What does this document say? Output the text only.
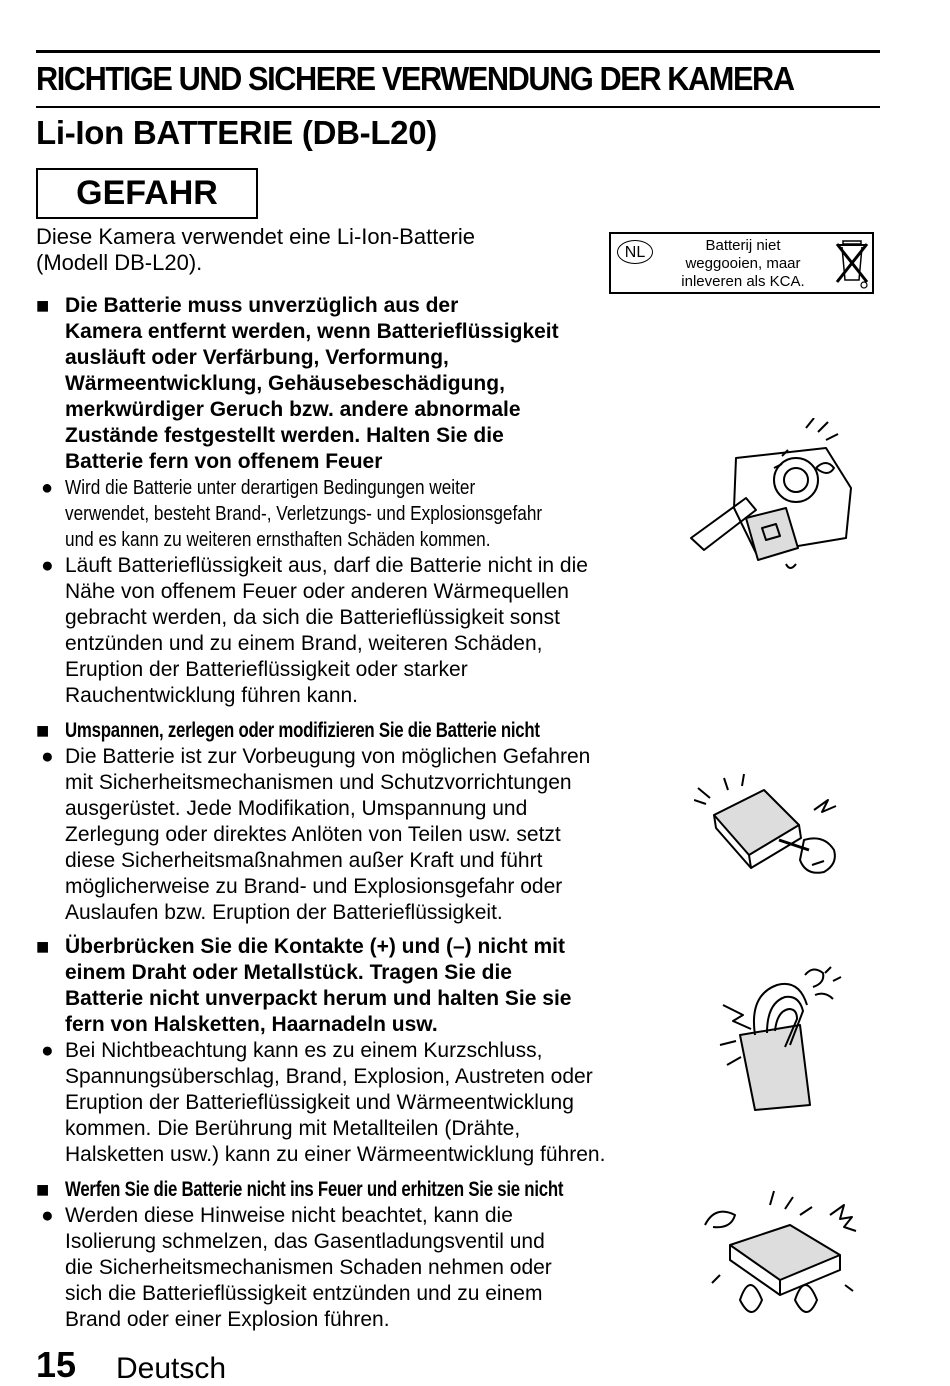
RICHTIGE UND SICHERE VERWENDUNG DER KAMERA
Li-Ion BATTERIE (DB-L20)
GEFAHR
Diese Kamera verwendet eine Li-Ion-Batterie
(Modell DB-L20).	NL	Batterij niet
weggooien, maar
inleveren als KCA.
■ Die Batterie muss unverzüglich aus der
Kamera entfernt werden, wenn Batterieflüssigkeit
ausläuft oder Verfärbung, Verformung,
Wärmeentwicklung, Gehäusebeschädigung,
merkwürdiger Geruch bzw. andere abnormale
Zustände festgestellt werden. Halten Sie die
Batterie fern von offenem Feuer
● Wird die Batterie unter derartigen Bedingungen weiter
verwendet, besteht Brand-, Verletzungs- und Explosionsgefahr
und es kann zu weiteren ernsthaften Schäden kommen.
● Läuft Batterieflüssigkeit aus, darf die Batterie nicht in die
Nähe von offenem Feuer oder anderen Wärmequellen
gebracht werden, da sich die Batterieflüssigkeit sonst
entzünden und zu einem Brand, weiteren Schäden,
Eruption der Batterieflüssigkeit oder starker
Rauchentwicklung führen kann.
■ Umspannen, zerlegen oder modifizieren Sie die Batterie nicht
● Die Batterie ist zur Vorbeugung von möglichen Gefahren
mit Sicherheitsmechanismen und Schutzvorrichtungen
ausgerüstet. Jede Modifikation, Umspannung und
Zerlegung oder direktes Anlöten von Teilen usw. setzt
diese Sicherheitsmaßnahmen außer Kraft und führt
möglicherweise zu Brand- und Explosionsgefahr oder
Auslaufen bzw. Eruption der Batterieflüssigkeit.
■ Überbrücken Sie die Kontakte (+) und (–) nicht mit
einem Draht oder Metallstück. Tragen Sie die
Batterie nicht unverpackt herum und halten Sie sie
fern von Halsketten, Haarnadeln usw.
● Bei Nichtbeachtung kann es zu einem Kurzschluss,
Spannungsüberschlag, Brand, Explosion, Austreten oder
Eruption der Batterieflüssigkeit und Wärmeentwicklung
kommen. Die Berührung mit Metallteilen (Drähte,
Halsketten usw.) kann zu einer Wärmeentwicklung führen.
■ Werfen Sie die Batterie nicht ins Feuer und erhitzen Sie sie nicht
● Werden diese Hinweise nicht beachtet, kann die
Isolierung schmelzen, das Gasentladungsventil und
die Sicherheitsmechanismen Schaden nehmen oder
sich die Batterieflüssigkeit entzünden und zu einem
Brand oder einer Explosion führen.
15 Deutsch
